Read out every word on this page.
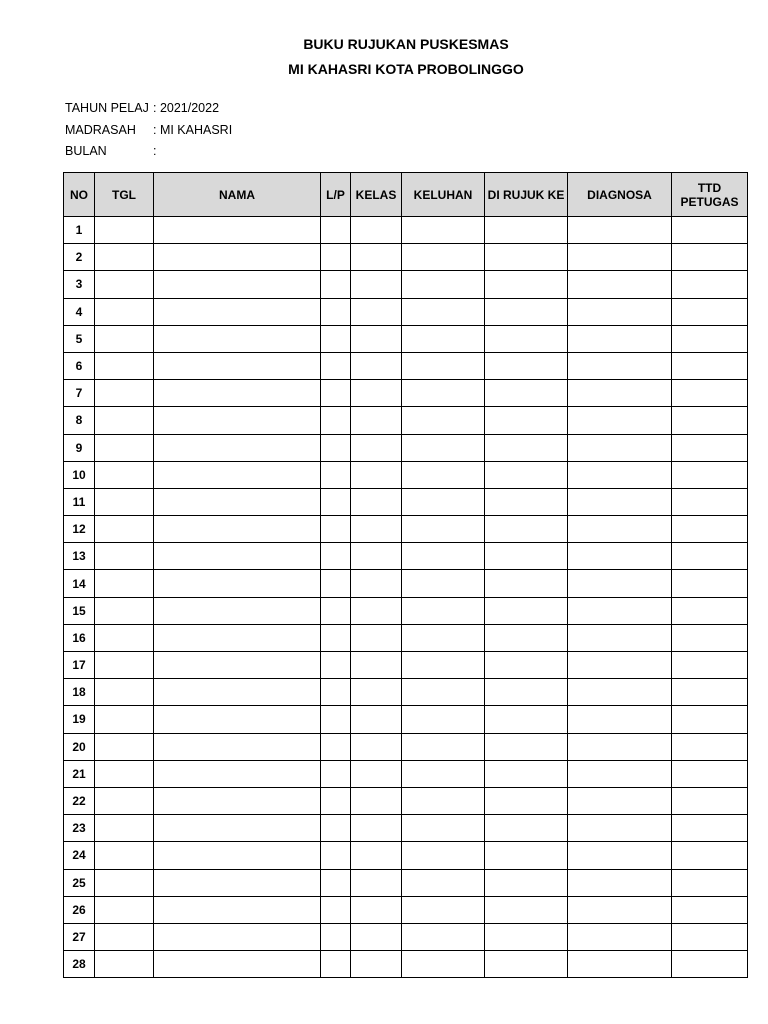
BUKU RUJUKAN PUSKESMAS
MI KAHASRI KOTA PROBOLINGGO
TAHUN PELAJ : 2021/2022
MADRASAH	: MI KAHASRI
BULAN	:
NO	TGL	NAMA	L/P	KELAS	KELUHAN	DI RUJUK KE	DIAGNOSA	TTD PETUGAS
1								
2								
3								
4								
5								
6								
7								
8								
9								
10								
11								
12								
13								
14								
15								
16								
17								
18								
19								
20								
21								
22								
23								
24								
25								
26								
27								
28								
